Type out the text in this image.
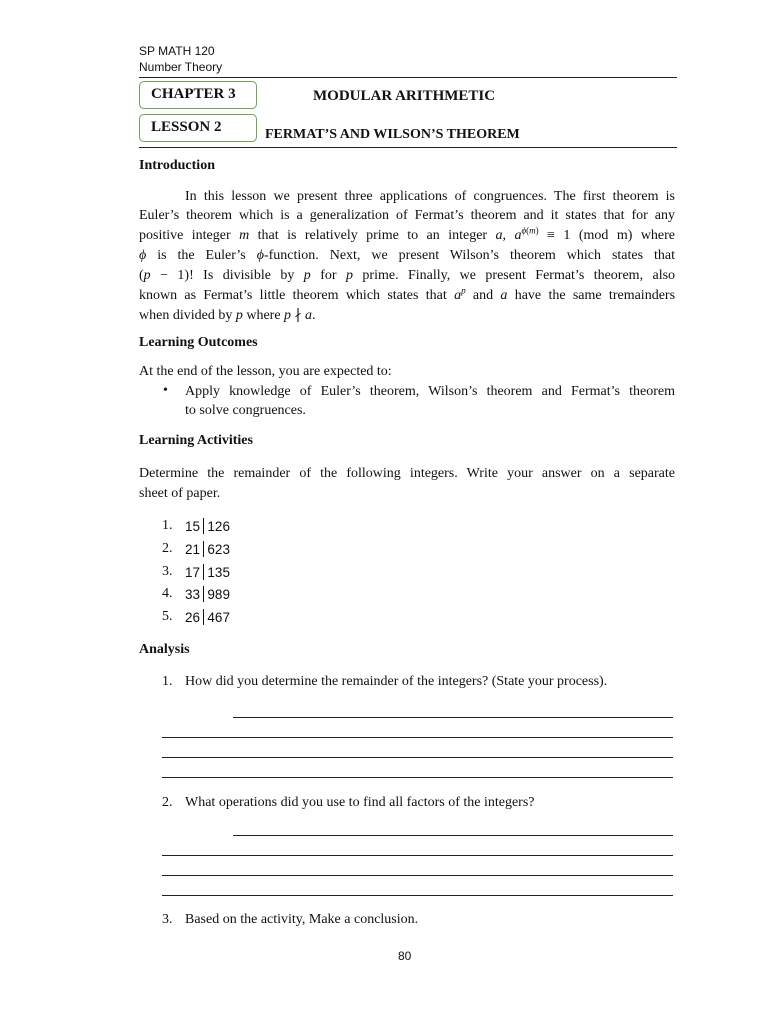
SP MATH 120
Number Theory
CHAPTER 3	MODULAR ARITHMETIC
LESSON 2	FERMAT’S AND WILSON’S THEOREM
Introduction
In this lesson we present three applications of congruences. The first theorem is
Euler’s theorem which is a generalization of Fermat’s theorem and it states that for any
positive integer m that is relatively prime to an integer a, $a^{\phi(m)} \equiv 1$ (mod m) where
ϕ is the Euler’s ϕ-function. Next, we present Wilson’s theorem which states that
(p − 1)! Is divisible by p for p prime. Finally, we present Fermat’s theorem, also
known as Fermat’s little theorem which states that $a^p$ and a have the same tremainders
when divided by p where p ∤ a.
Learning Outcomes
At the end of the lesson, you are expected to:
• Apply knowledge of Euler’s theorem, Wilson’s theorem and Fermat’s theorem
to solve congruences.
Learning Activities
Determine the remainder of the following integers. Write your answer on a separate
sheet of paper.
1. 15 126
2. 21 623
3. 17 135
4. 33 989
5. 26 467
Analysis
1. How did you determine the remainder of the integers? (State your process).
2. What operations did you use to find all factors of the integers?
3. Based on the activity, Make a conclusion.
80
